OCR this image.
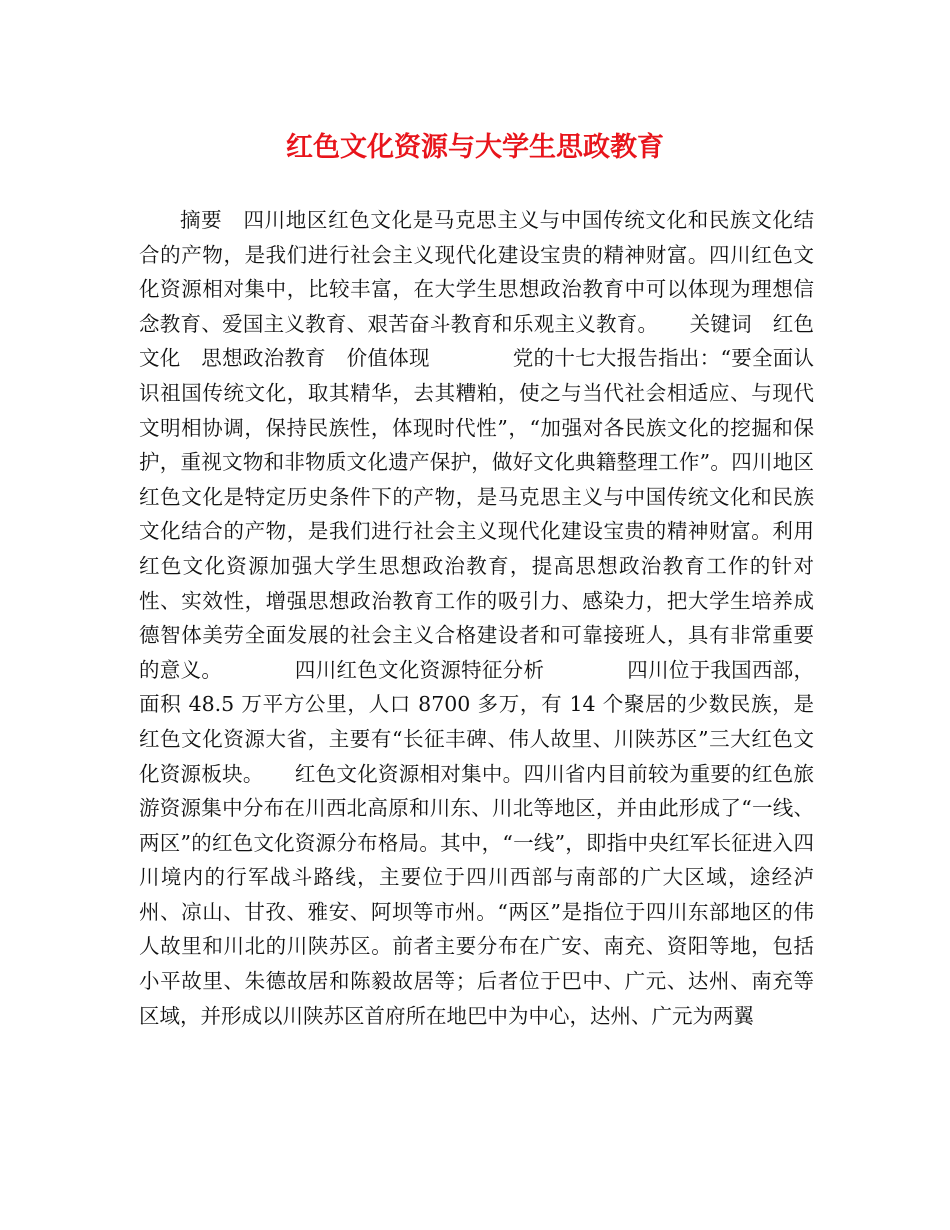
红色文化资源与大学生思政教育

摘要　四川地区红色文化是马克思主义与中国传统文化和民族文化结合的产物，是我们进行社会主义现代化建设宝贵的精神财富。四川红色文化资源相对集中，比较丰富，在大学生思想政治教育中可以体现为理想信念教育、爱国主义教育、艰苦奋斗教育和乐观主义教育。　　关键词　红色文化　思想政治教育　价值体现　　　　党的十七大报告指出：“要全面认识祖国传统文化，取其精华，去其糟粕，使之与当代社会相适应、与现代文明相协调，保持民族性，体现时代性”，“加强对各民族文化的挖掘和保护，重视文物和非物质文化遗产保护，做好文化典籍整理工作”。四川地区红色文化是特定历史条件下的产物，是马克思主义与中国传统文化和民族文化结合的产物，是我们进行社会主义现代化建设宝贵的精神财富。利用红色文化资源加强大学生思想政治教育，提高思想政治教育工作的针对性、实效性，增强思想政治教育工作的吸引力、感染力，把大学生培养成德智体美劳全面发展的社会主义合格建设者和可靠接班人，具有非常重要的意义。　　　　四川红色文化资源特征分析　　　　四川位于我国西部，面积 48.5 万平方公里，人口 8700 多万，有 14 个聚居的少数民族，是红色文化资源大省，主要有“长征丰碑、伟人故里、川陕苏区”三大红色文化资源板块。　　红色文化资源相对集中。四川省内目前较为重要的红色旅游资源集中分布在川西北高原和川东、川北等地区，并由此形成了“一线、两区”的红色文化资源分布格局。其中，“一线”，即指中央红军长征进入四川境内的行军战斗路线，主要位于四川西部与南部的广大区域，途经泸州、凉山、甘孜、雅安、阿坝等市州。“两区”是指位于四川东部地区的伟人故里和川北的川陕苏区。前者主要分布在广安、南充、资阳等地，包括小平故里、朱德故居和陈毅故居等；后者位于巴中、广元、达州、南充等区域，并形成以川陕苏区首府所在地巴中为中心，达州、广元为两翼
